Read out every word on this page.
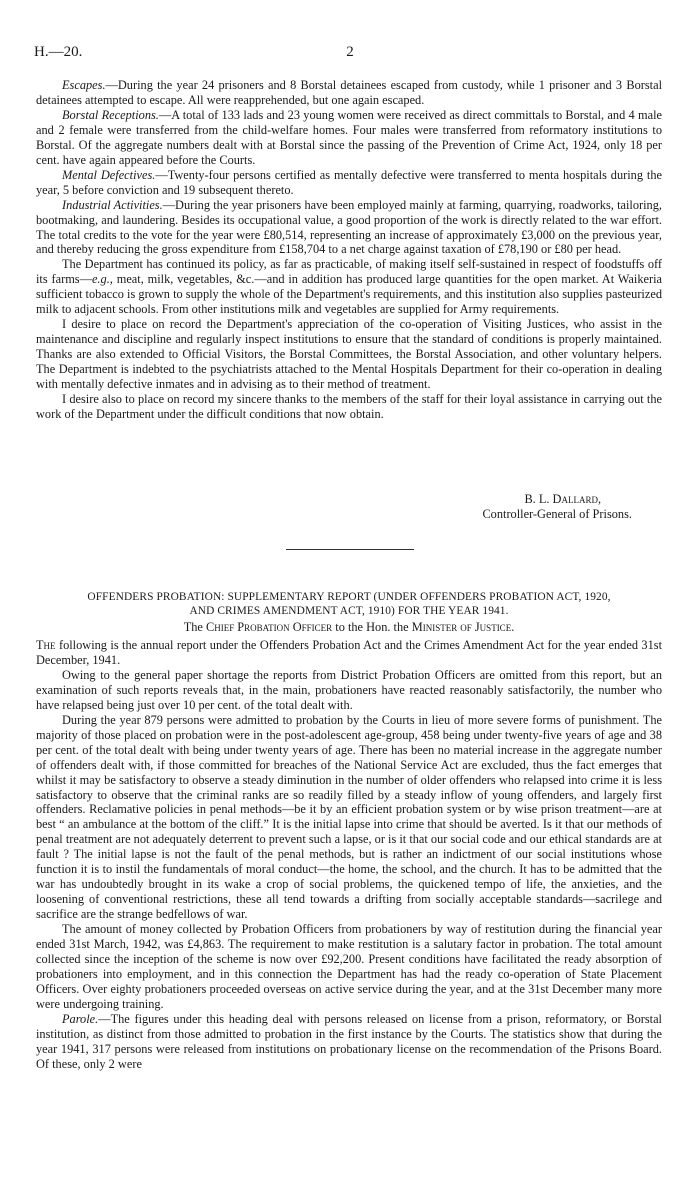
H.—20.	2

Escapes.—During the year 24 prisoners and 8 Borstal detainees escaped from custody, while 1 prisoner and 3 Borstal detainees attempted to escape. All were reapprehended, but one again escaped.

Borstal Receptions.—A total of 133 lads and 23 young women were received as direct committals to Borstal, and 4 male and 2 female were transferred from the child-welfare homes. Four males were transferred from reformatory institutions to Borstal. Of the aggregate numbers dealt with at Borstal since the passing of the Prevention of Crime Act, 1924, only 18 per cent. have again appeared before the Courts.

Mental Defectives.—Twenty-four persons certified as mentally defective were transferred to menta hospitals during the year, 5 before conviction and 19 subsequent thereto.

Industrial Activities.—During the year prisoners have been employed mainly at farming, quarrying, roadworks, tailoring, bootmaking, and laundering. Besides its occupational value, a good proportion of the work is directly related to the war effort. The total credits to the vote for the year were £80,514, representing an increase of approximately £3,000 on the previous year, and thereby reducing the gross expenditure from £158,704 to a net charge against taxation of £78,190 or £80 per head.

The Department has continued its policy, as far as practicable, of making itself self-sustained in respect of foodstuffs off its farms—e.g., meat, milk, vegetables, &c.—and in addition has produced large quantities for the open market. At Waikeria sufficient tobacco is grown to supply the whole of the Department's requirements, and this institution also supplies pasteurized milk to adjacent schools. From other institutions milk and vegetables are supplied for Army requirements.

I desire to place on record the Department's appreciation of the co-operation of Visiting Justices, who assist in the maintenance and discipline and regularly inspect institutions to ensure that the standard of conditions is properly maintained. Thanks are also extended to Official Visitors, the Borstal Committees, the Borstal Association, and other voluntary helpers. The Department is indebted to the psychiatrists attached to the Mental Hospitals Department for their co-operation in dealing with mentally defective inmates and in advising as to their method of treatment.

I desire also to place on record my sincere thanks to the members of the staff for their loyal assistance in carrying out the work of the Department under the difficult conditions that now obtain.

B. L. Dallard,
Controller-General of Prisons.
OFFENDERS PROBATION: SUPPLEMENTARY REPORT (UNDER OFFENDERS PROBATION ACT, 1920,
AND CRIMES AMENDMENT ACT, 1910) FOR THE YEAR 1941.
The Chief Probation Officer to the Hon. the Minister of Justice.

The following is the annual report under the Offenders Probation Act and the Crimes Amendment Act for the year ended 31st December, 1941.

Owing to the general paper shortage the reports from District Probation Officers are omitted from this report, but an examination of such reports reveals that, in the main, probationers have reacted reasonably satisfactorily, the number who have relapsed being just over 10 per cent. of the total dealt with.

During the year 879 persons were admitted to probation by the Courts in lieu of more severe forms of punishment. The majority of those placed on probation were in the post-adolescent age-group, 458 being under twenty-five years of age and 38 per cent. of the total dealt with being under twenty years of age. There has been no material increase in the aggregate number of offenders dealt with, if those committed for breaches of the National Service Act are excluded, thus the fact emerges that whilst it may be satisfactory to observe a steady diminution in the number of older offenders who relapsed into crime it is less satisfactory to observe that the criminal ranks are so readily filled by a steady inflow of young offenders, and largely first offenders. Reclamative policies in penal methods—be it by an efficient probation system or by wise prison treatment—are at best “ an ambulance at the bottom of the cliff.” It is the initial lapse into crime that should be averted. Is it that our methods of penal treatment are not adequately deterrent to prevent such a lapse, or is it that our social code and our ethical standards are at fault ? The initial lapse is not the fault of the penal methods, but is rather an indictment of our social institutions whose function it is to instil the fundamentals of moral conduct—the home, the school, and the church. It has to be admitted that the war has undoubtedly brought in its wake a crop of social problems, the quickened tempo of life, the anxieties, and the loosening of conventional restrictions, these all tend towards a drifting from socially acceptable standards—sacrilege and sacrifice are the strange bedfellows of war.

The amount of money collected by Probation Officers from probationers by way of restitution during the financial year ended 31st March, 1942, was £4,863. The requirement to make restitution is a salutary factor in probation. The total amount collected since the inception of the scheme is now over £92,200. Present conditions have facilitated the ready absorption of probationers into employment, and in this connection the Department has had the ready co-operation of State Placement Officers. Over eighty probationers proceeded overseas on active service during the year, and at the 31st December many more were undergoing training.

Parole.—The figures under this heading deal with persons released on license from a prison, reformatory, or Borstal institution, as distinct from those admitted to probation in the first instance by the Courts. The statistics show that during the year 1941, 317 persons were released from institutions on probationary license on the recommendation of the Prisons Board. Of these, only 2 were
